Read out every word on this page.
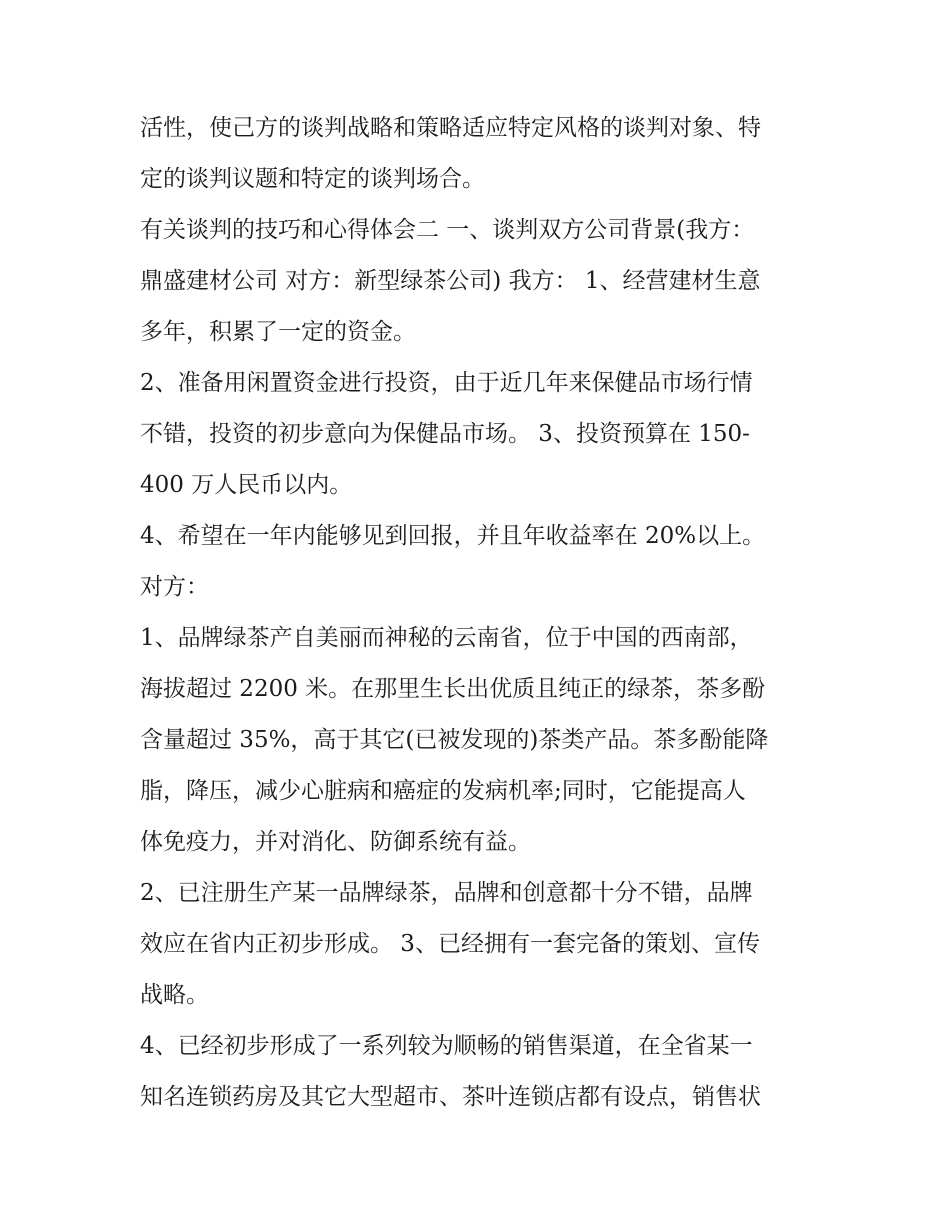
活性，使己方的谈判战略和策略适应特定风格的谈判对象、特
定的谈判议题和特定的谈判场合。
有关谈判的技巧和心得体会二 一、谈判双方公司背景(我方：
鼎盛建材公司 对方：新型绿茶公司) 我方： 1、经营建材生意
多年，积累了一定的资金。
2、准备用闲置资金进行投资，由于近几年来保健品市场行情
不错，投资的初步意向为保健品市场。 3、投资预算在 150-
400 万人民币以内。
4、希望在一年内能够见到回报，并且年收益率在 20%以上。
对方：
1、品牌绿茶产自美丽而神秘的云南省，位于中国的西南部，
海拔超过 2200 米。在那里生长出优质且纯正的绿茶，茶多酚
含量超过 35%，高于其它(已被发现的)茶类产品。茶多酚能降
脂，降压，减少心脏病和癌症的发病机率;同时，它能提高人
体免疫力，并对消化、防御系统有益。
2、已注册生产某一品牌绿茶，品牌和创意都十分不错，品牌
效应在省内正初步形成。 3、已经拥有一套完备的策划、宣传
战略。
4、已经初步形成了一系列较为顺畅的销售渠道，在全省某一
知名连锁药房及其它大型超市、茶叶连锁店都有设点，销售状
